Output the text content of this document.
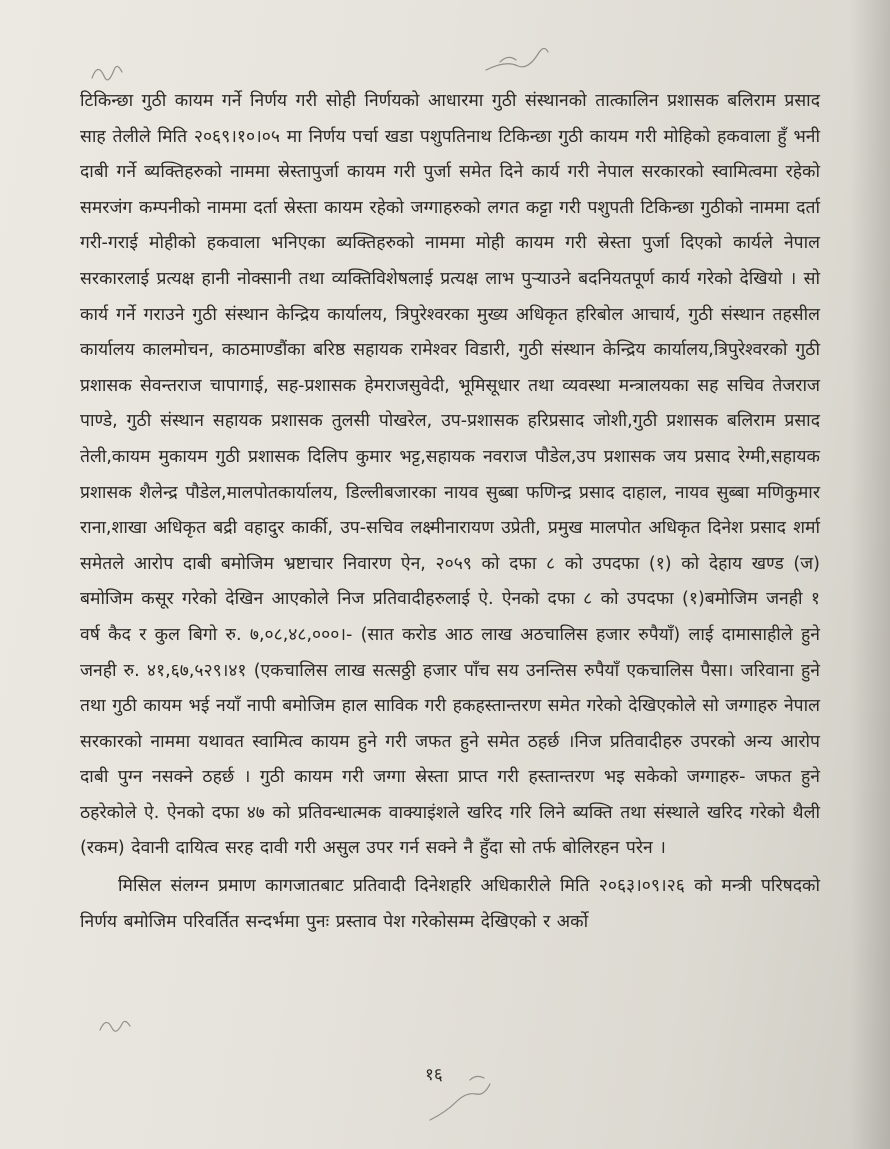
टिकिन्छा गुठी कायम गर्ने निर्णय गरी सोही निर्णयको आधारमा गुठी संस्थानको तात्कालिन प्रशासक बलिराम प्रसाद साह तेलीले मिति २०६९।१०।०५ मा निर्णय पर्चा खडा पशुपतिनाथ टिकिन्छा गुठी कायम गरी मोहिको हकवाला हुँ भनी दाबी गर्ने ब्यक्तिहरुको नाममा स्रेस्तापुर्जा कायम गरी पुर्जा समेत दिने कार्य गरी नेपाल सरकारको स्वामित्वमा रहेको समरजंग कम्पनीको नाममा दर्ता स्रेस्ता कायम रहेको जग्गाहरुको लगत कट्टा गरी पशुपती टिकिन्छा गुठीको नाममा दर्ता गरी-गराई मोहीको हकवाला भनिएका ब्यक्तिहरुको नाममा मोही कायम गरी स्रेस्ता पुर्जा दिएको कार्यले नेपाल सरकारलाई प्रत्यक्ष हानी नोक्सानी तथा व्यक्तिविशेषलाई प्रत्यक्ष लाभ पुऱ्याउने बदनियतपूर्ण कार्य गरेको देखियो । सो कार्य गर्ने गराउने गुठी संस्थान केन्द्रिय कार्यालय, त्रिपुरेश्वरका मुख्य अधिकृत हरिबोल आचार्य, गुठी संस्थान तहसील कार्यालय कालमोचन, काठमाण्डौंका बरिष्ठ सहायक रामेश्वर विडारी, गुठी संस्थान केन्द्रिय कार्यालय,त्रिपुरेश्वरको गुठी प्रशासक सेवन्तराज चापागाई, सह-प्रशासक हेमराजसुवेदी, भूमिसूधार तथा व्यवस्था मन्त्रालयका सह सचिव तेजराज पाण्डे, गुठी संस्थान सहायक प्रशासक तुलसी पोखरेल, उप-प्रशासक हरिप्रसाद जोशी,गुठी प्रशासक बलिराम प्रसाद तेली,कायम मुकायम गुठी प्रशासक दिलिप कुमार भट्ट,सहायक नवराज पौडेल,उप प्रशासक जय प्रसाद रेग्मी,सहायक प्रशासक शैलेन्द्र पौडेल,मालपोतकार्यालय, डिल्लीबजारका नायव सुब्बा फणिन्द्र प्रसाद दाहाल, नायव सुब्बा मणिकुमार राना,शाखा अधिकृत बद्री वहादुर कार्की, उप-सचिव लक्ष्मीनारायण उप्रेती, प्रमुख मालपोत अधिकृत दिनेश प्रसाद शर्मा समेतले आरोप दाबी बमोजिम भ्रष्टाचार निवारण ऐन, २०५९ को दफा ८ को उपदफा (१) को देहाय खण्ड (ज) बमोजिम कसूर गरेको देखिन आएकोले निज प्रतिवादीहरुलाई ऐ. ऐनको दफा ८ को उपदफा (१)बमोजिम जनही १ वर्ष कैद र कुल बिगो रु. ७,०८,४८,०००।- (सात करोड आठ लाख अठचालिस हजार रुपैयाँ) लाई दामासाहीले हुने जनही रु. ४१,६७,५२९।४१ (एकचालिस लाख सत्सठ्ठी हजार पाँच सय उनन्तिस रुपैयाँ एकचालिस पैसा। जरिवाना हुने तथा गुठी कायम भई नयाँ नापी बमोजिम हाल साविक गरी हकहस्तान्तरण समेत गरेको देखिएकोले सो जग्गाहरु नेपाल सरकारको नाममा यथावत स्वामित्व कायम हुने गरी जफत हुने समेत ठहर्छ ।निज प्रतिवादीहरु उपरको अन्य आरोप दाबी पुग्न नसक्ने ठहर्छ । गुठी कायम गरी जग्गा स्रेस्ता प्राप्त गरी हस्तान्तरण भइ सकेको जग्गाहरु- जफत हुने ठहरेकोले ऐ. ऐनको दफा ४७ को प्रतिवन्धात्मक वाक्याइंशले खरिद गरि लिने ब्यक्ति तथा संस्थाले खरिद गरेको थैली (रकम) देवानी दायित्व सरह दावी गरी असुल उपर गर्न सक्ने नै हुँदा सो तर्फ बोलिरहन परेन ।

मिसिल संलग्न प्रमाण कागजातबाट प्रतिवादी दिनेशहरि अधिकारीले मिति २०६३।०९।२६ को मन्त्री परिषदको निर्णय बमोजिम परिवर्तित सन्दर्भमा पुनः प्रस्ताव पेश गरेकोसम्म देखिएको र अर्को

१६
